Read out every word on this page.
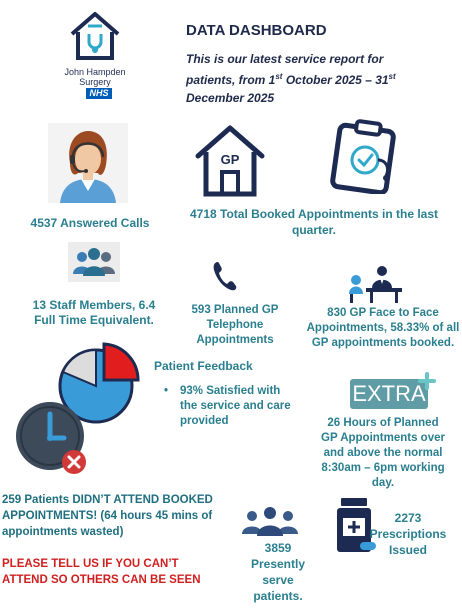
John Hampden
Surgery
NHS
DATA DASHBOARD
This is our latest service report for patients, from 1st October 2025 – 31st December 2025
4537 Answered Calls
GP
4718 Total Booked Appointments in the last quarter.
13 Staff Members, 6.4 Full Time Equivalent.
593 Planned GP Telephone Appointments
830 GP Face to Face Appointments, 58.33% of all GP appointments booked.
Patient Feedback
• 93% Satisfied with the service and care provided
EXTRA
26 Hours of Planned GP Appointments over and above the normal 8:30am – 6pm working day.
259 Patients DIDN’T ATTEND BOOKED APPOINTMENTS! (64 hours 45 mins of appointments wasted)
PLEASE TELL US IF YOU CAN’T ATTEND SO OTHERS CAN BE SEEN
3859 Presently serve patients.
2273 Prescriptions Issued
